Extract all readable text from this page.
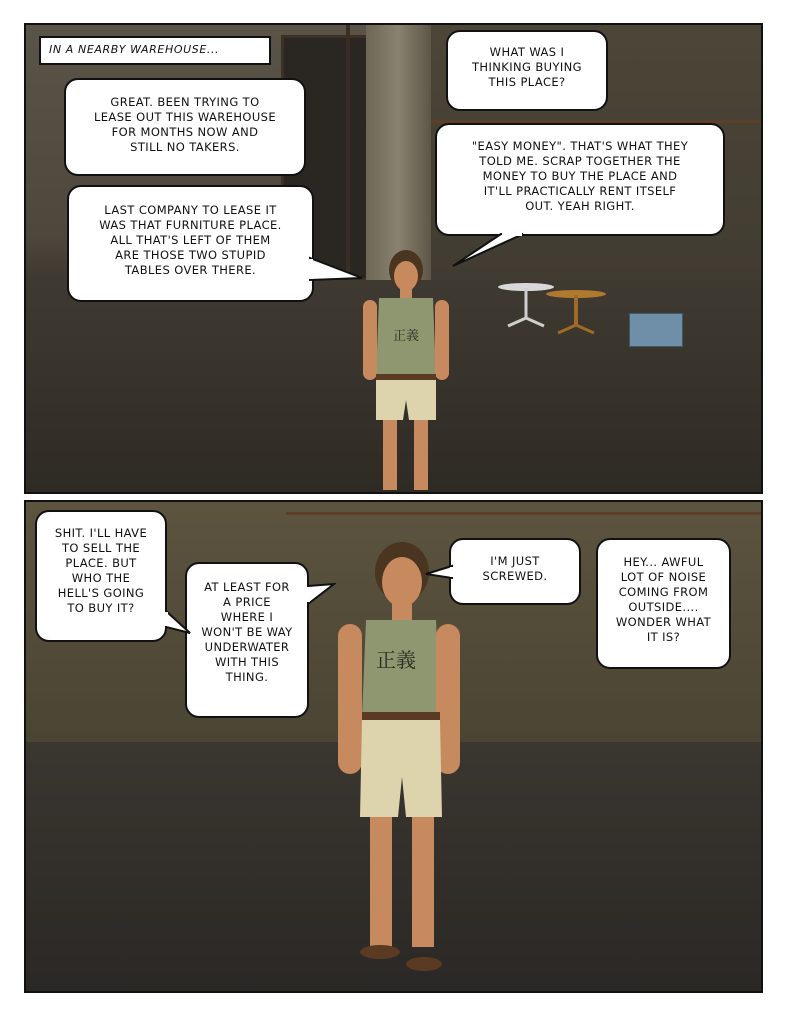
正義
IN A NEARBY WAREHOUSE...	WHAT WAS I
THINKING BUYING
THIS PLACE?
GREAT. BEEN TRYING TO
LEASE OUT THIS WAREHOUSE
FOR MONTHS NOW AND
STILL NO TAKERS.	"EASY MONEY". THAT'S WHAT THEY
TOLD ME. SCRAP TOGETHER THE
MONEY TO BUY THE PLACE AND
IT'LL PRACTICALLY RENT ITSELF
OUT. YEAH RIGHT.
LAST COMPANY TO LEASE IT
WAS THAT FURNITURE PLACE.
ALL THAT'S LEFT OF THEM
ARE THOSE TWO STUPID
TABLES OVER THERE.
正義
SHIT. I'LL HAVE
TO SELL THE
PLACE. BUT
WHO THE
HELL'S GOING
TO BUY IT?
AT LEAST FOR
A PRICE
WHERE I
WON'T BE WAY
UNDERWATER
WITH THIS
THING.
I'M JUST
SCREWED.
HEY... AWFUL
LOT OF NOISE
COMING FROM
OUTSIDE....
WONDER WHAT
IT IS?
